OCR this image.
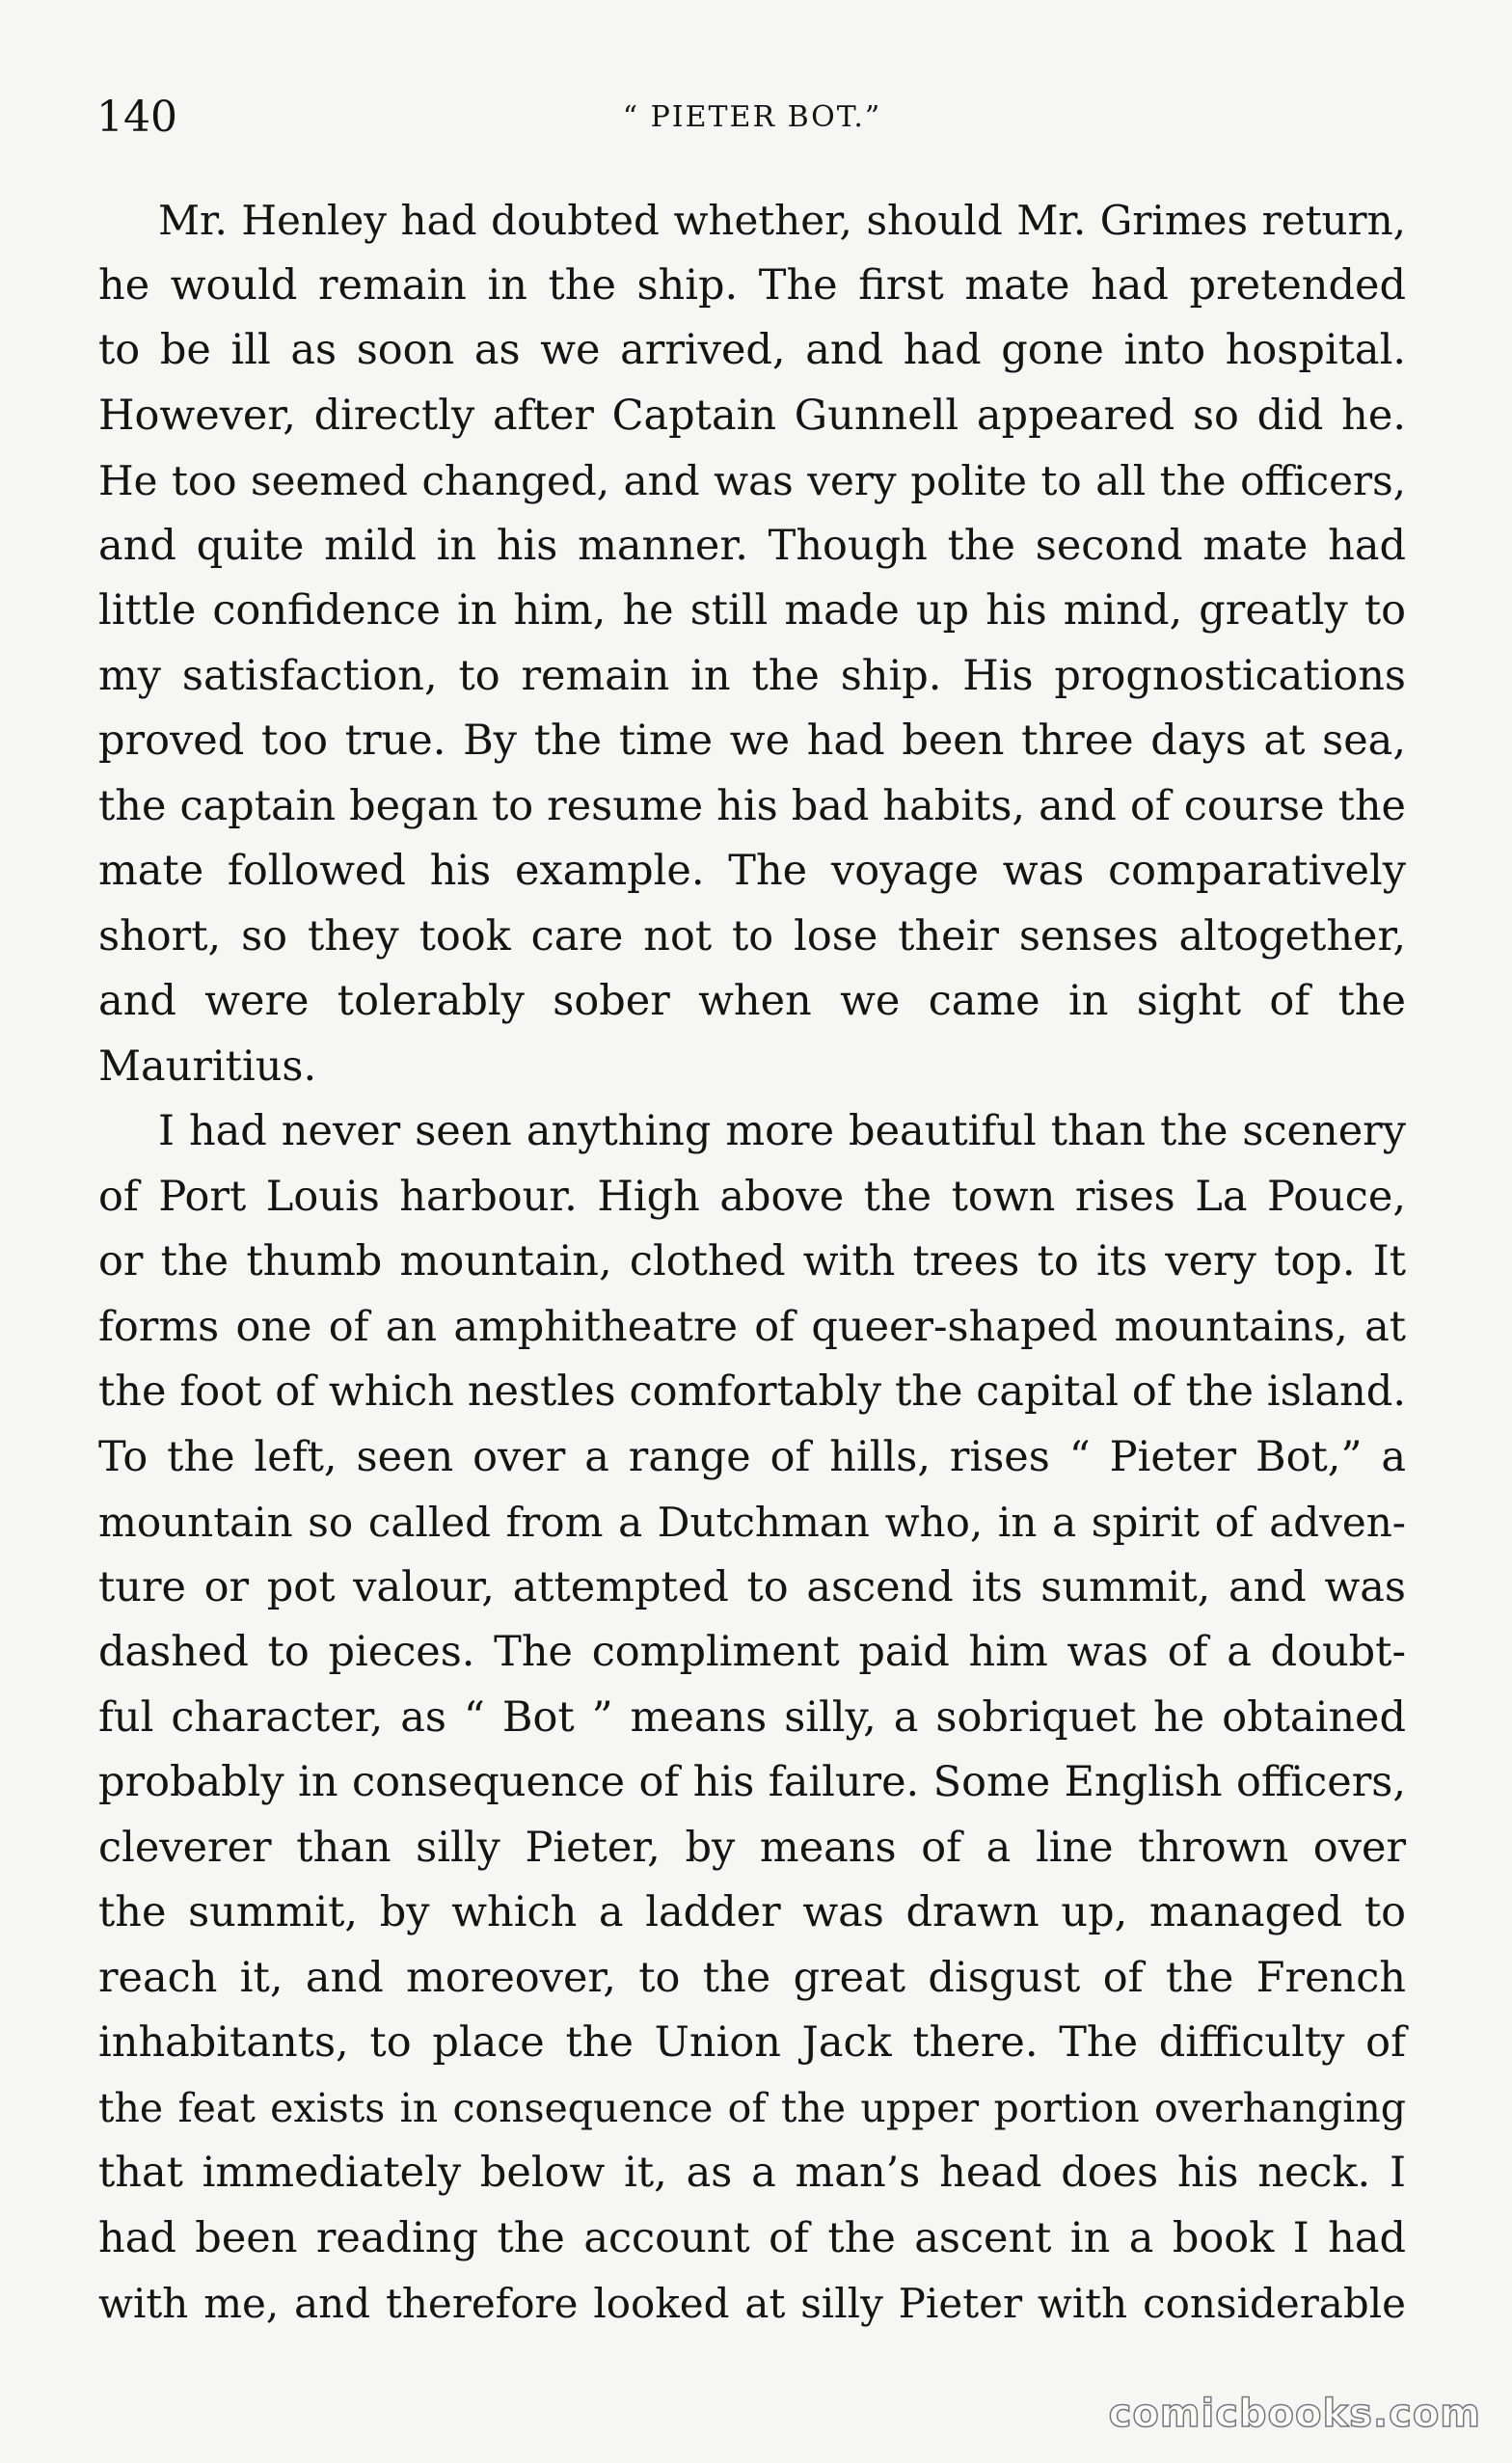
140	“ PIETER BOT.”
Mr. Henley had doubted whether, should Mr. Grimes return,
he would remain in the ship. The first mate had pretended
to be ill as soon as we arrived, and had gone into hospital.
However, directly after Captain Gunnell appeared so did he.
He too seemed changed, and was very polite to all the officers,
and quite mild in his manner. Though the second mate had
little confidence in him, he still made up his mind, greatly to
my satisfaction, to remain in the ship. His prognostications
proved too true. By the time we had been three days at sea,
the captain began to resume his bad habits, and of course the
mate followed his example. The voyage was comparatively
short, so they took care not to lose their senses altogether,
and were tolerably sober when we came in sight of the
Mauritius.
I had never seen anything more beautiful than the scenery
of Port Louis harbour. High above the town rises La Pouce,
or the thumb mountain, clothed with trees to its very top. It
forms one of an amphitheatre of queer-shaped mountains, at
the foot of which nestles comfortably the capital of the island.
To the left, seen over a range of hills, rises “ Pieter Bot,” a
mountain so called from a Dutchman who, in a spirit of adven-
ture or pot valour, attempted to ascend its summit, and was
dashed to pieces. The compliment paid him was of a doubt-
ful character, as “ Bot ” means silly, a sobriquet he obtained
probably in consequence of his failure. Some English officers,
cleverer than silly Pieter, by means of a line thrown over
the summit, by which a ladder was drawn up, managed to
reach it, and moreover, to the great disgust of the French
inhabitants, to place the Union Jack there. The difficulty of
the feat exists in consequence of the upper portion overhanging
that immediately below it, as a man’s head does his neck. I
had been reading the account of the ascent in a book I had
with me, and therefore looked at silly Pieter with considerable
comicbooks.com
